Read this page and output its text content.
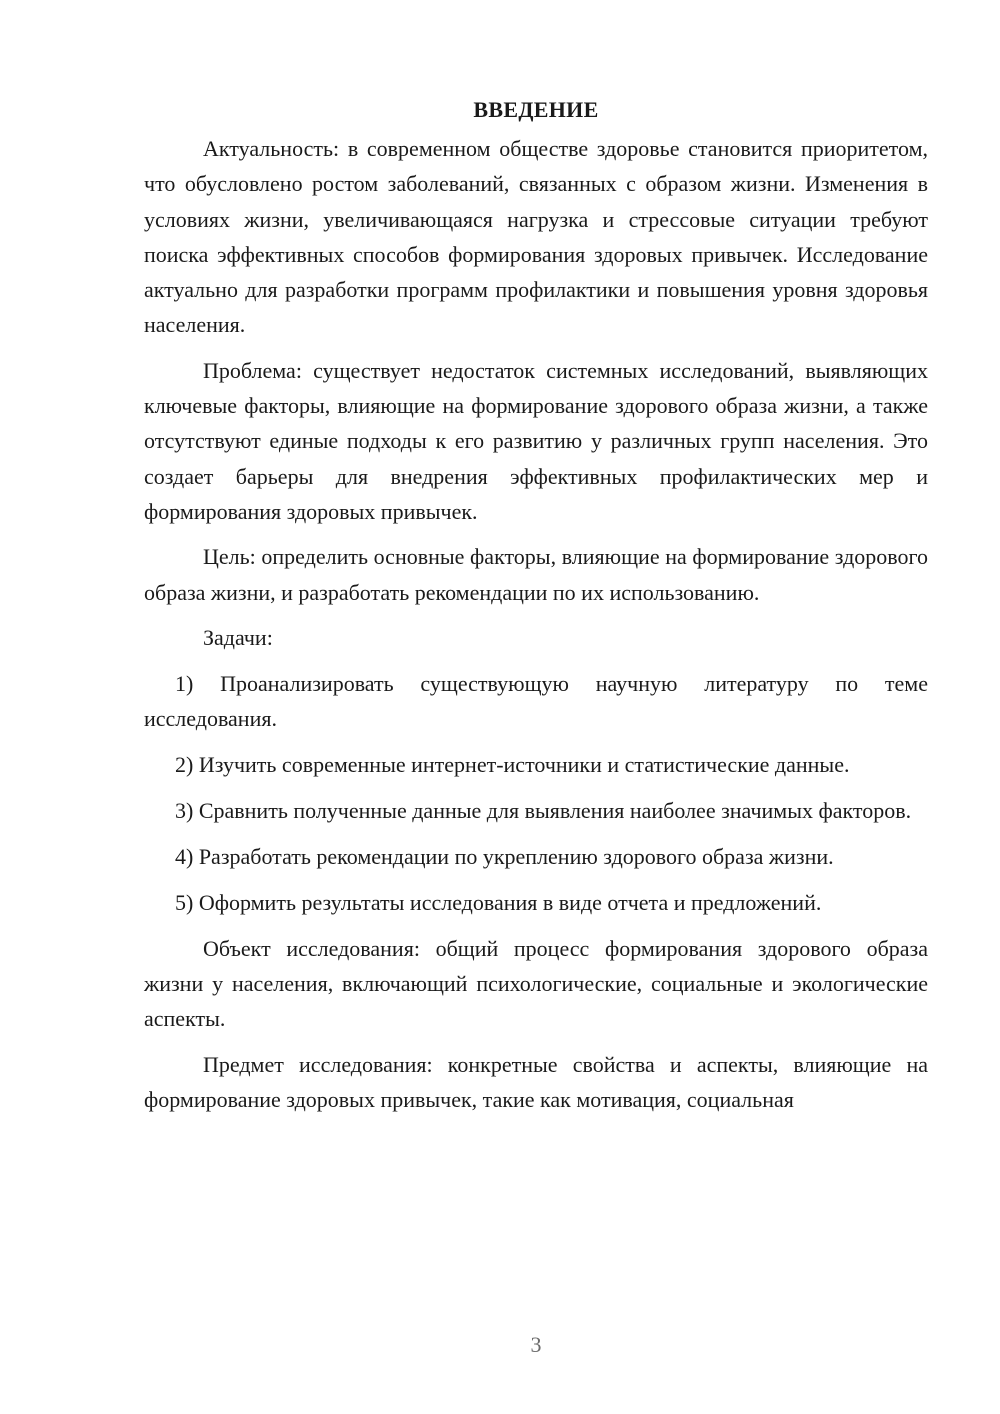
ВВЕДЕНИЕ

Актуальность: в современном обществе здоровье становится приоритетом, что обусловлено ростом заболеваний, связанных с образом жизни. Изменения в условиях жизни, увеличивающаяся нагрузка и стрессовые ситуации требуют поиска эффективных способов формирования здоровых привычек. Исследование актуально для разработки программ профилактики и повышения уровня здоровья населения.

Проблема: существует недостаток системных исследований, выявляющих ключевые факторы, влияющие на формирование здорового образа жизни, а также отсутствуют единые подходы к его развитию у различных групп населения. Это создает барьеры для внедрения эффективных профилактических мер и формирования здоровых привычек.

Цель: определить основные факторы, влияющие на формирование здорового образа жизни, и разработать рекомендации по их использованию.

Задачи:

1) Проанализировать существующую научную литературу по теме исследования.

2) Изучить современные интернет-источники и статистические данные.

3) Сравнить полученные данные для выявления наиболее значимых факторов.

4) Разработать рекомендации по укреплению здорового образа жизни.

5) Оформить результаты исследования в виде отчета и предложений.

Объект исследования: общий процесс формирования здорового образа жизни у населения, включающий психологические, социальные и экологические аспекты.

Предмет исследования: конкретные свойства и аспекты, влияющие на формирование здоровых привычек, такие как мотивация, социальная

3
